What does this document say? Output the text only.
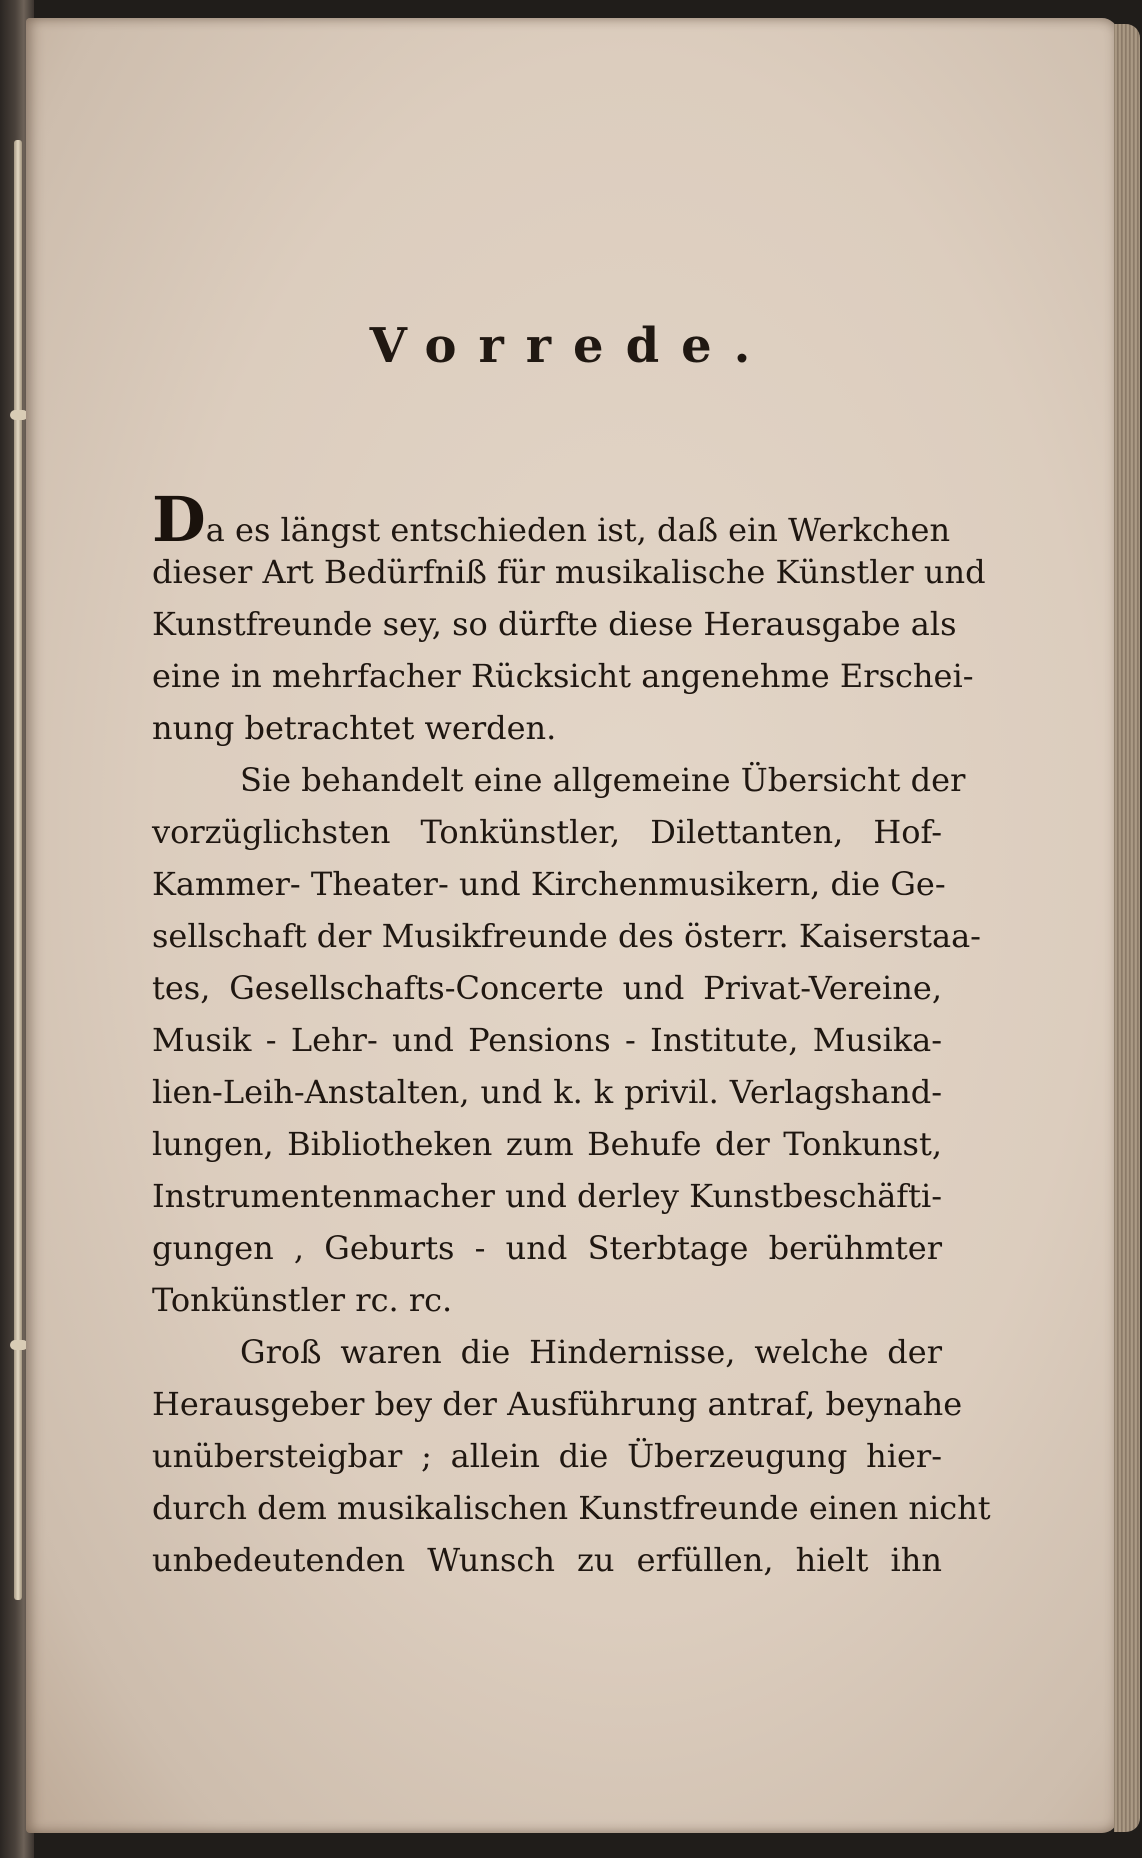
Vorrede.
Da es längst entschieden ist, daß ein Werkchen
dieser Art Bedürfniß für musikalische Künstler und
Kunstfreunde sey, so dürfte diese Herausgabe als
eine in mehrfacher Rücksicht angenehme Erschei-
nung betrachtet werden.
Sie behandelt eine allgemeine Übersicht der
vorzüglichsten Tonkünstler, Dilettanten, Hof-
Kammer- Theater- und Kirchenmusikern, die Ge-
sellschaft der Musikfreunde des österr. Kaiserstaa-
tes, Gesellschafts-Concerte und Privat-Vereine,
Musik - Lehr- und Pensions - Institute, Musika-
lien-Leih-Anstalten, und k. k privil. Verlagshand-
lungen, Bibliotheken zum Behufe der Tonkunst,
Instrumentenmacher und derley Kunstbeschäfti-
gungen , Geburts - und Sterbtage berühmter
Tonkünstler rc. rc.
Groß waren die Hindernisse, welche der
Herausgeber bey der Ausführung antraf, beynahe
unübersteigbar ; allein die Überzeugung hier-
durch dem musikalischen Kunstfreunde einen nicht
unbedeutenden Wunsch zu erfüllen, hielt ihn
